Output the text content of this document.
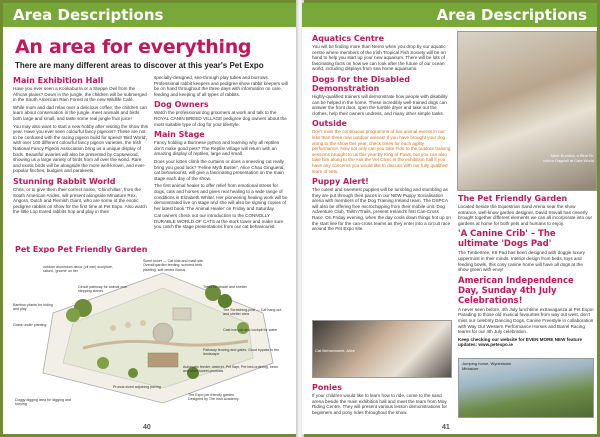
Area Descriptions
An area for everything
There are many different areas to discover at this year's Pet Expo
Main Exhibition Hall
Have you ever seen a Kookaburra or a Steppe Owl from the African plains? Down in the jungle, the children will be submerged in the South American Rain Forest at the new Wildlife Café.
While mum and dad relax over a delicious coffee, the children can learn about conservation in the jungle, meet animals and birds both large and small, and taste some real jungle fruit juice!
You may also want to start a new hobby after visiting the show this year. Have you ever seen colourful fancy pigeons? These are not to be confused with the racing pigeon build for speed! 'Bird World', with over 100 different colourful fancy pigeon varieties, the Irish National Fancy Pigeon Association bring us a unique display of birds. Beautiful aviaries will also be presented by Copsewood, showing us a large variety of birds from all over the world. Rare and exotic birds will be alongside the more well-known, and ever-popular finches, budgies and parakeets.
Stunning Rabbit World
Chris, or to give them their correct name, 'Chinchillas', from the South American Andes, will present alongside Miniature Rex, Angora, Dutch and Flemish Giant, who are some of the exotic pedigree rabbits on show for the first time at Pet Expo. Also watch the little Lop Eared rabbits hop and play in their
specially-designed, see-through play tubes and burrows. Professional rabbit keepers and pedigree show rabbit keepers will be on hand throughout the three days with information on care, feeding and keeping of all types of rabbits.
Dog Owners
Watch the professional dog groomers at work and talk to the ROYAL CANIN BREED VILLAGE pedigree dog owners about the most suitable type of dog for your lifestyle.
Main Stage
Fancy holding a Burmese python and learning why all reptiles don't make good pets? The Reptile Village will return with an amazing display of reptiles, large and small.
Does your kitten climb the curtains or does a sneezing cat really bring you good luck? 'Feline Myth Buster', Alice Chau Gingueral, cat behaviourist, will give a fascinating presentation on the main stage each day of the show.
The first animal healer to offer relief from emotional stress for dogs, cats and horses and gives real healing to a wide range of conditions is Elizabeth Whiter. Her pioneering healing work will be demonstrated live on stage and she will also be signing copies of her latest book 'The Animal Healer' on Friday and Saturday.
Cat owners check out our introduction to the CONNOLLY DURABLE WORLD OF CATS at the stork tower and make sure you catch the stage presentations from our cat behaviourist.
Pet Expo Pet Friendly Garden
outdoor aluminium decor (oil can) sculpture, raised, 'gnome' on tier
Bamboo plants for hiding and play
Grass under planting
Scent tower — Cat kids and mast site, Overall garden feeding, scented herb planting, soft centre Buxus
Circuit pathway for animal over stepping stones
Trees for shade and shelter
The Scratching-post — Cat hang out and shelter area
Cast iron pot and cockpit for water
Pathway fencing and gates, Good bypass in the landscape
Automatic feeder, waterer, Pet flapr, Pet bed-ordering, bean and other sweet products
Doggy digging area for digging and burying
Prunus sized adjoining paving
The Expo pet friendly garden Designed by The Irish Academy
40
Area Descriptions
Aquatics Centre
You will be finding more than Nemo when you drop by our aquatic centre where members of the Irish Tropical Fish Society will be on hand to help you start up your new aquarium. There will be lots of fascinating facts on how we can look after the future of our ocean world, including displays from sea home aquariums.
Dogs for the Disabled Demonstration
Highly-qualified trainers will demonstrate how people with disability can be helped in the home. These incredibly well-trained dogs can answer the front door, open the tumble dryer and take out the clothes, help their owners undress, and many other simple tasks.
Outside
Don't miss the continuous programme of live animal events in our less than three new outdoor arenas! If you have brought your dog along to the show this year, check times for each agility performance. Now not only can you take Fido to the outdoor training sessions brought to us this year by King of Paws, but you can also take him along to the Ask the Vet Clinic in the exhibition hall if you have any concerns you would like to discuss with our fully qualified team of vets.
Puppy Alert!
The cutest and sweetest puppies will be tumbling and stumbling as they are put through their paces in our NEW Puppy Socialisation arena with members of the Dog Training Ireland team. The DSPCA will also be offering free microchipping from their mobile unit. Dog Adventure Club, Tails'n'Trails, present Ireland's first Can-Cross Race. On Friday evening, when the day cools down things hot up on the start line for the can-cross teams as they enter into a circuit race around the Pet Expo site.
Cat Behaviourist, Alice
Ponies
If your children would like to learn how to ride, come to the sand arena beside the main exhibition hall and meet the team from Moy Riding Centre. They will present various lesson demonstrations for beginners and pony rides throughout the show.
Meet Buddha, a Blue Bi-colour Ragdoll at Cats World
The Pet Friendly Garden
Located beside the Equestrian Sand Arena near the show entrance, well-know garden designer, David Stovall has cleverly brought together different elements we can all incorporate into our gardens at home for both pets and humans to enjoy.
'A Canine Crib' – The ultimate 'Dogs Pad'
The Timbertree, K9 Pad has been designed with doggie luxury uppermost in their minds. Interior design from beds, toys and feeding bowls, this cosy canine home will have all dogs at the show green with envy!
American Independence Day, Sunday 4th July Celebrations!
A never seen before, 4th July lunchtime extravaganza at Pet Expo! Parading to those old musical favourites from way out west, don't miss our celebrity Dancing Dogs, Canine Freestyle in collaboration with Way Out Western Performance Horses and Barrel Racing teams for our 4th July celebration.
Keep checking our website for EVEN MORE NEW feature updates: www.petexpo.ie
Jumping horse, Wynestown Miniature
41
